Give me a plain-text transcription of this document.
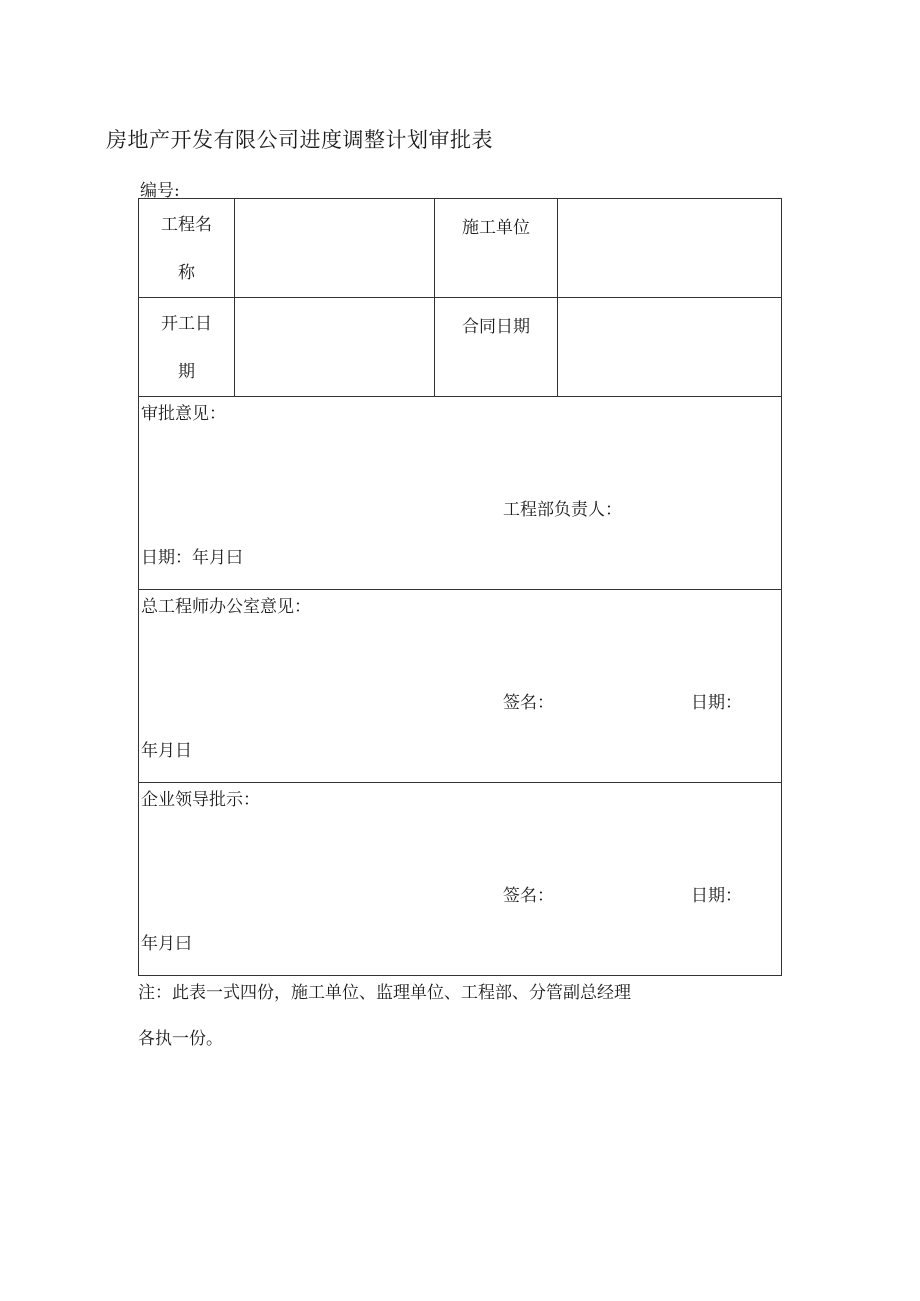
房地产开发有限公司进度调整计划审批表
编号:
工程名
称		施工单位	

开工日
期		合同日期	

审批意见：
工程部负责人：
日期：年月曰			

总工程师办公室意见：
签名： 日期：
年月日			

企业领导批示：
签名： 日期：
年月曰			
注：此表一式四份，施工单位、监理单位、工程部、分管副总经理
各执一份。
